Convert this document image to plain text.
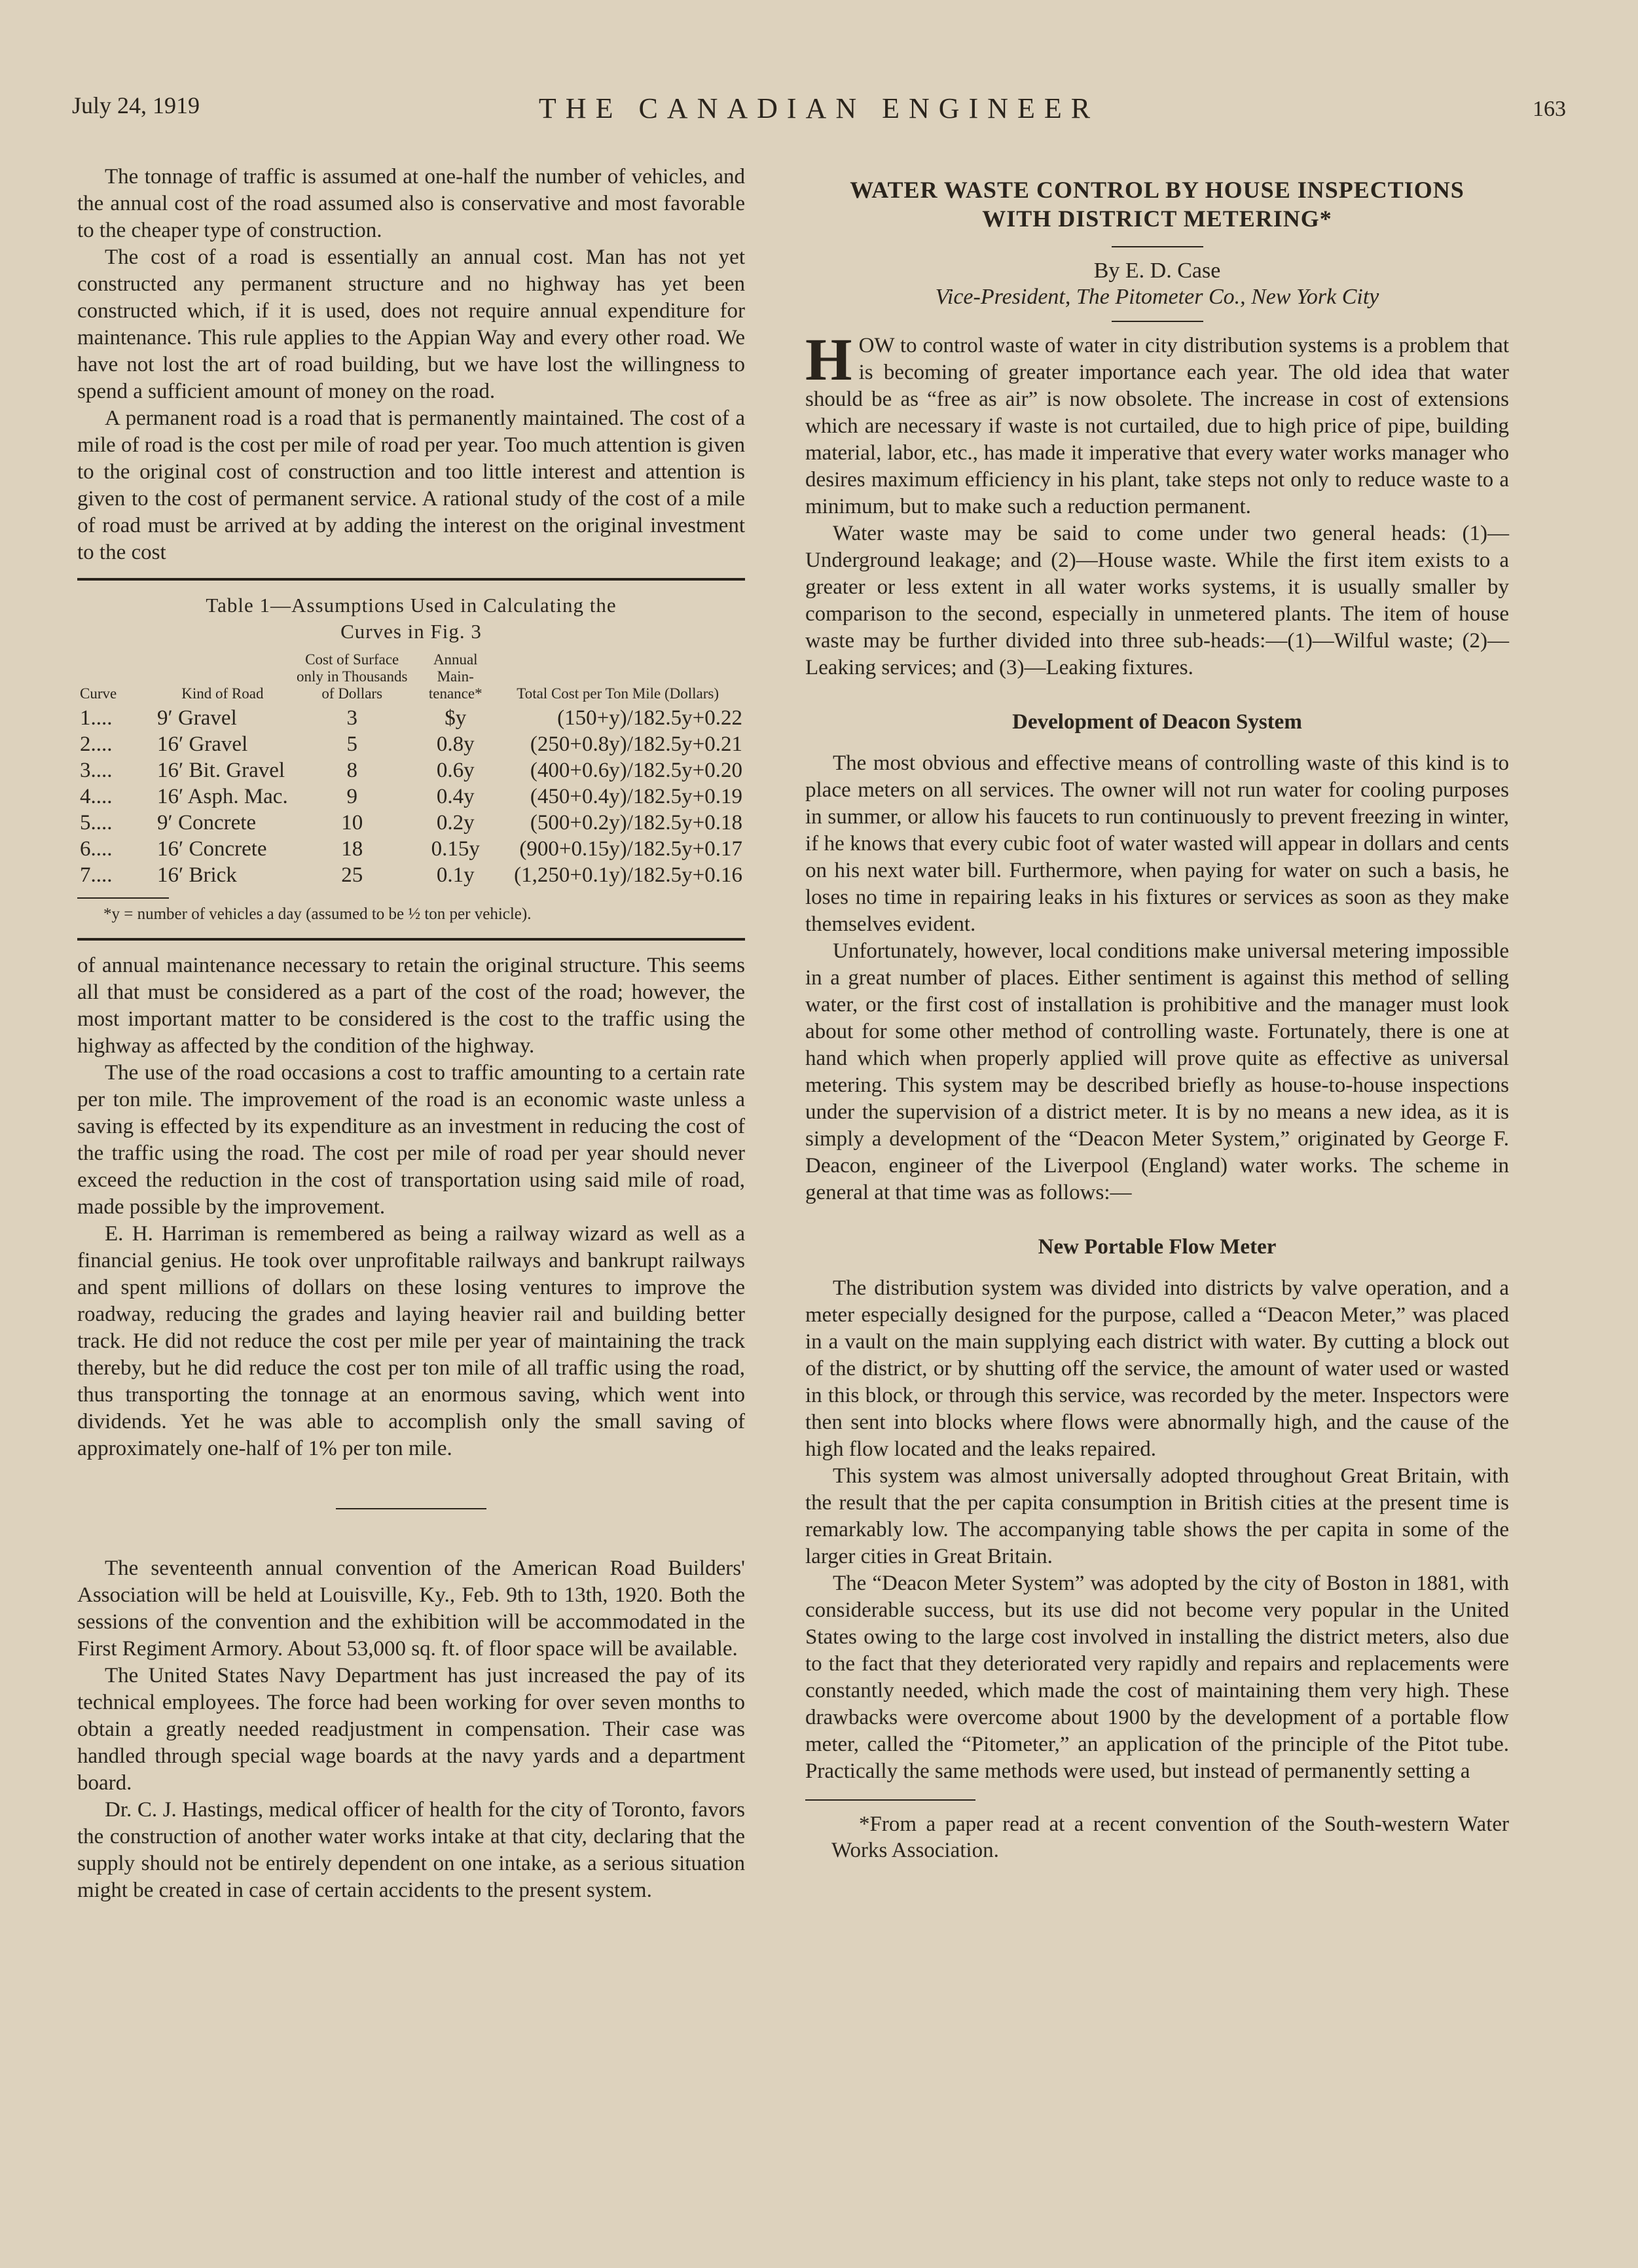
July 24, 1919	THE CANADIAN ENGINEER	163

The tonnage of traffic is assumed at one-half the number of vehicles, and the annual cost of the road assumed also is conservative and most favorable to the cheaper type of construction.

The cost of a road is essentially an annual cost. Man has not yet constructed any permanent structure and no highway has yet been constructed which, if it is used, does not require annual expenditure for maintenance. This rule applies to the Appian Way and every other road. We have not lost the art of road building, but we have lost the willingness to spend a sufficient amount of money on the road.

A permanent road is a road that is permanently maintained. The cost of a mile of road is the cost per mile of road per year. Too much attention is given to the original cost of construction and too little interest and attention is given to the cost of permanent service. A rational study of the cost of a mile of road must be arrived at by adding the interest on the original investment to the cost

Table 1—Assumptions Used in Calculating the
Curves in Fig. 3
Curve	Kind of Road	Cost of Surface only in Thousands of Dollars	Annual Main-tenance*	Total Cost per Ton Mile (Dollars)
1....	9′ Gravel	3	$y	(150+y)/182.5y+0.22
2....	16′ Gravel	5	0.8y	(250+0.8y)/182.5y+0.21
3....	16′ Bit. Gravel	8	0.6y	(400+0.6y)/182.5y+0.20
4....	16′ Asph. Mac.	9	0.4y	(450+0.4y)/182.5y+0.19
5....	9′ Concrete	10	0.2y	(500+0.2y)/182.5y+0.18
6....	16′ Concrete	18	0.15y	(900+0.15y)/182.5y+0.17
7....	16′ Brick	25	0.1y	(1,250+0.1y)/182.5y+0.16
*y = number of vehicles a day (assumed to be ½ ton per vehicle).

of annual maintenance necessary to retain the original structure. This seems all that must be considered as a part of the cost of the road; however, the most important matter to be considered is the cost to the traffic using the highway as affected by the condition of the highway.

The use of the road occasions a cost to traffic amounting to a certain rate per ton mile. The improvement of the road is an economic waste unless a saving is effected by its expenditure as an investment in reducing the cost of the traffic using the road. The cost per mile of road per year should never exceed the reduction in the cost of transportation using said mile of road, made possible by the improvement.

E. H. Harriman is remembered as being a railway wizard as well as a financial genius. He took over unprofitable railways and bankrupt railways and spent millions of dollars on these losing ventures to improve the roadway, reducing the grades and laying heavier rail and building better track. He did not reduce the cost per mile per year of maintaining the track thereby, but he did reduce the cost per ton mile of all traffic using the road, thus transporting the tonnage at an enormous saving, which went into dividends. Yet he was able to accomplish only the small saving of approximately one-half of 1% per ton mile.

The seventeenth annual convention of the American Road Builders' Association will be held at Louisville, Ky., Feb. 9th to 13th, 1920. Both the sessions of the convention and the exhibition will be accommodated in the First Regiment Armory. About 53,000 sq. ft. of floor space will be available.

The United States Navy Department has just increased the pay of its technical employees. The force had been working for over seven months to obtain a greatly needed readjustment in compensation. Their case was handled through special wage boards at the navy yards and a department board.

Dr. C. J. Hastings, medical officer of health for the city of Toronto, favors the construction of another water works intake at that city, declaring that the supply should not be entirely dependent on one intake, as a serious situation might be created in case of certain accidents to the present system.

WATER WASTE CONTROL BY HOUSE INSPECTIONS
WITH DISTRICT METERING*
By E. D. Case
Vice-President, The Pitometer Co., New York City

HOW to control waste of water in city distribution systems is a problem that is becoming of greater importance each year. The old idea that water should be as “free as air” is now obsolete. The increase in cost of extensions which are necessary if waste is not curtailed, due to high price of pipe, building material, labor, etc., has made it imperative that every water works manager who desires maximum efficiency in his plant, take steps not only to reduce waste to a minimum, but to make such a reduction permanent.

Water waste may be said to come under two general heads: (1)—Underground leakage; and (2)—House waste. While the first item exists to a greater or less extent in all water works systems, it is usually smaller by comparison to the second, especially in unmetered plants. The item of house waste may be further divided into three sub-heads:—(1)—Wilful waste; (2)—Leaking services; and (3)—Leaking fixtures.

Development of Deacon System

The most obvious and effective means of controlling waste of this kind is to place meters on all services. The owner will not run water for cooling purposes in summer, or allow his faucets to run continuously to prevent freezing in winter, if he knows that every cubic foot of water wasted will appear in dollars and cents on his next water bill. Furthermore, when paying for water on such a basis, he loses no time in repairing leaks in his fixtures or services as soon as they make themselves evident.

Unfortunately, however, local conditions make universal metering impossible in a great number of places. Either sentiment is against this method of selling water, or the first cost of installation is prohibitive and the manager must look about for some other method of controlling waste. Fortunately, there is one at hand which when properly applied will prove quite as effective as universal metering. This system may be described briefly as house-to-house inspections under the supervision of a district meter. It is by no means a new idea, as it is simply a development of the “Deacon Meter System,” originated by George F. Deacon, engineer of the Liverpool (England) water works. The scheme in general at that time was as follows:—

New Portable Flow Meter

The distribution system was divided into districts by valve operation, and a meter especially designed for the purpose, called a “Deacon Meter,” was placed in a vault on the main supplying each district with water. By cutting a block out of the district, or by shutting off the service, the amount of water used or wasted in this block, or through this service, was recorded by the meter. Inspectors were then sent into blocks where flows were abnormally high, and the cause of the high flow located and the leaks repaired.

This system was almost universally adopted throughout Great Britain, with the result that the per capita consumption in British cities at the present time is remarkably low. The accompanying table shows the per capita in some of the larger cities in Great Britain.

The “Deacon Meter System” was adopted by the city of Boston in 1881, with considerable success, but its use did not become very popular in the United States owing to the large cost involved in installing the district meters, also due to the fact that they deteriorated very rapidly and repairs and replacements were constantly needed, which made the cost of maintaining them very high. These drawbacks were overcome about 1900 by the development of a portable flow meter, called the “Pitometer,” an application of the principle of the Pitot tube. Practically the same methods were used, but instead of permanently setting a

*From a paper read at a recent convention of the South-western Water Works Association.
